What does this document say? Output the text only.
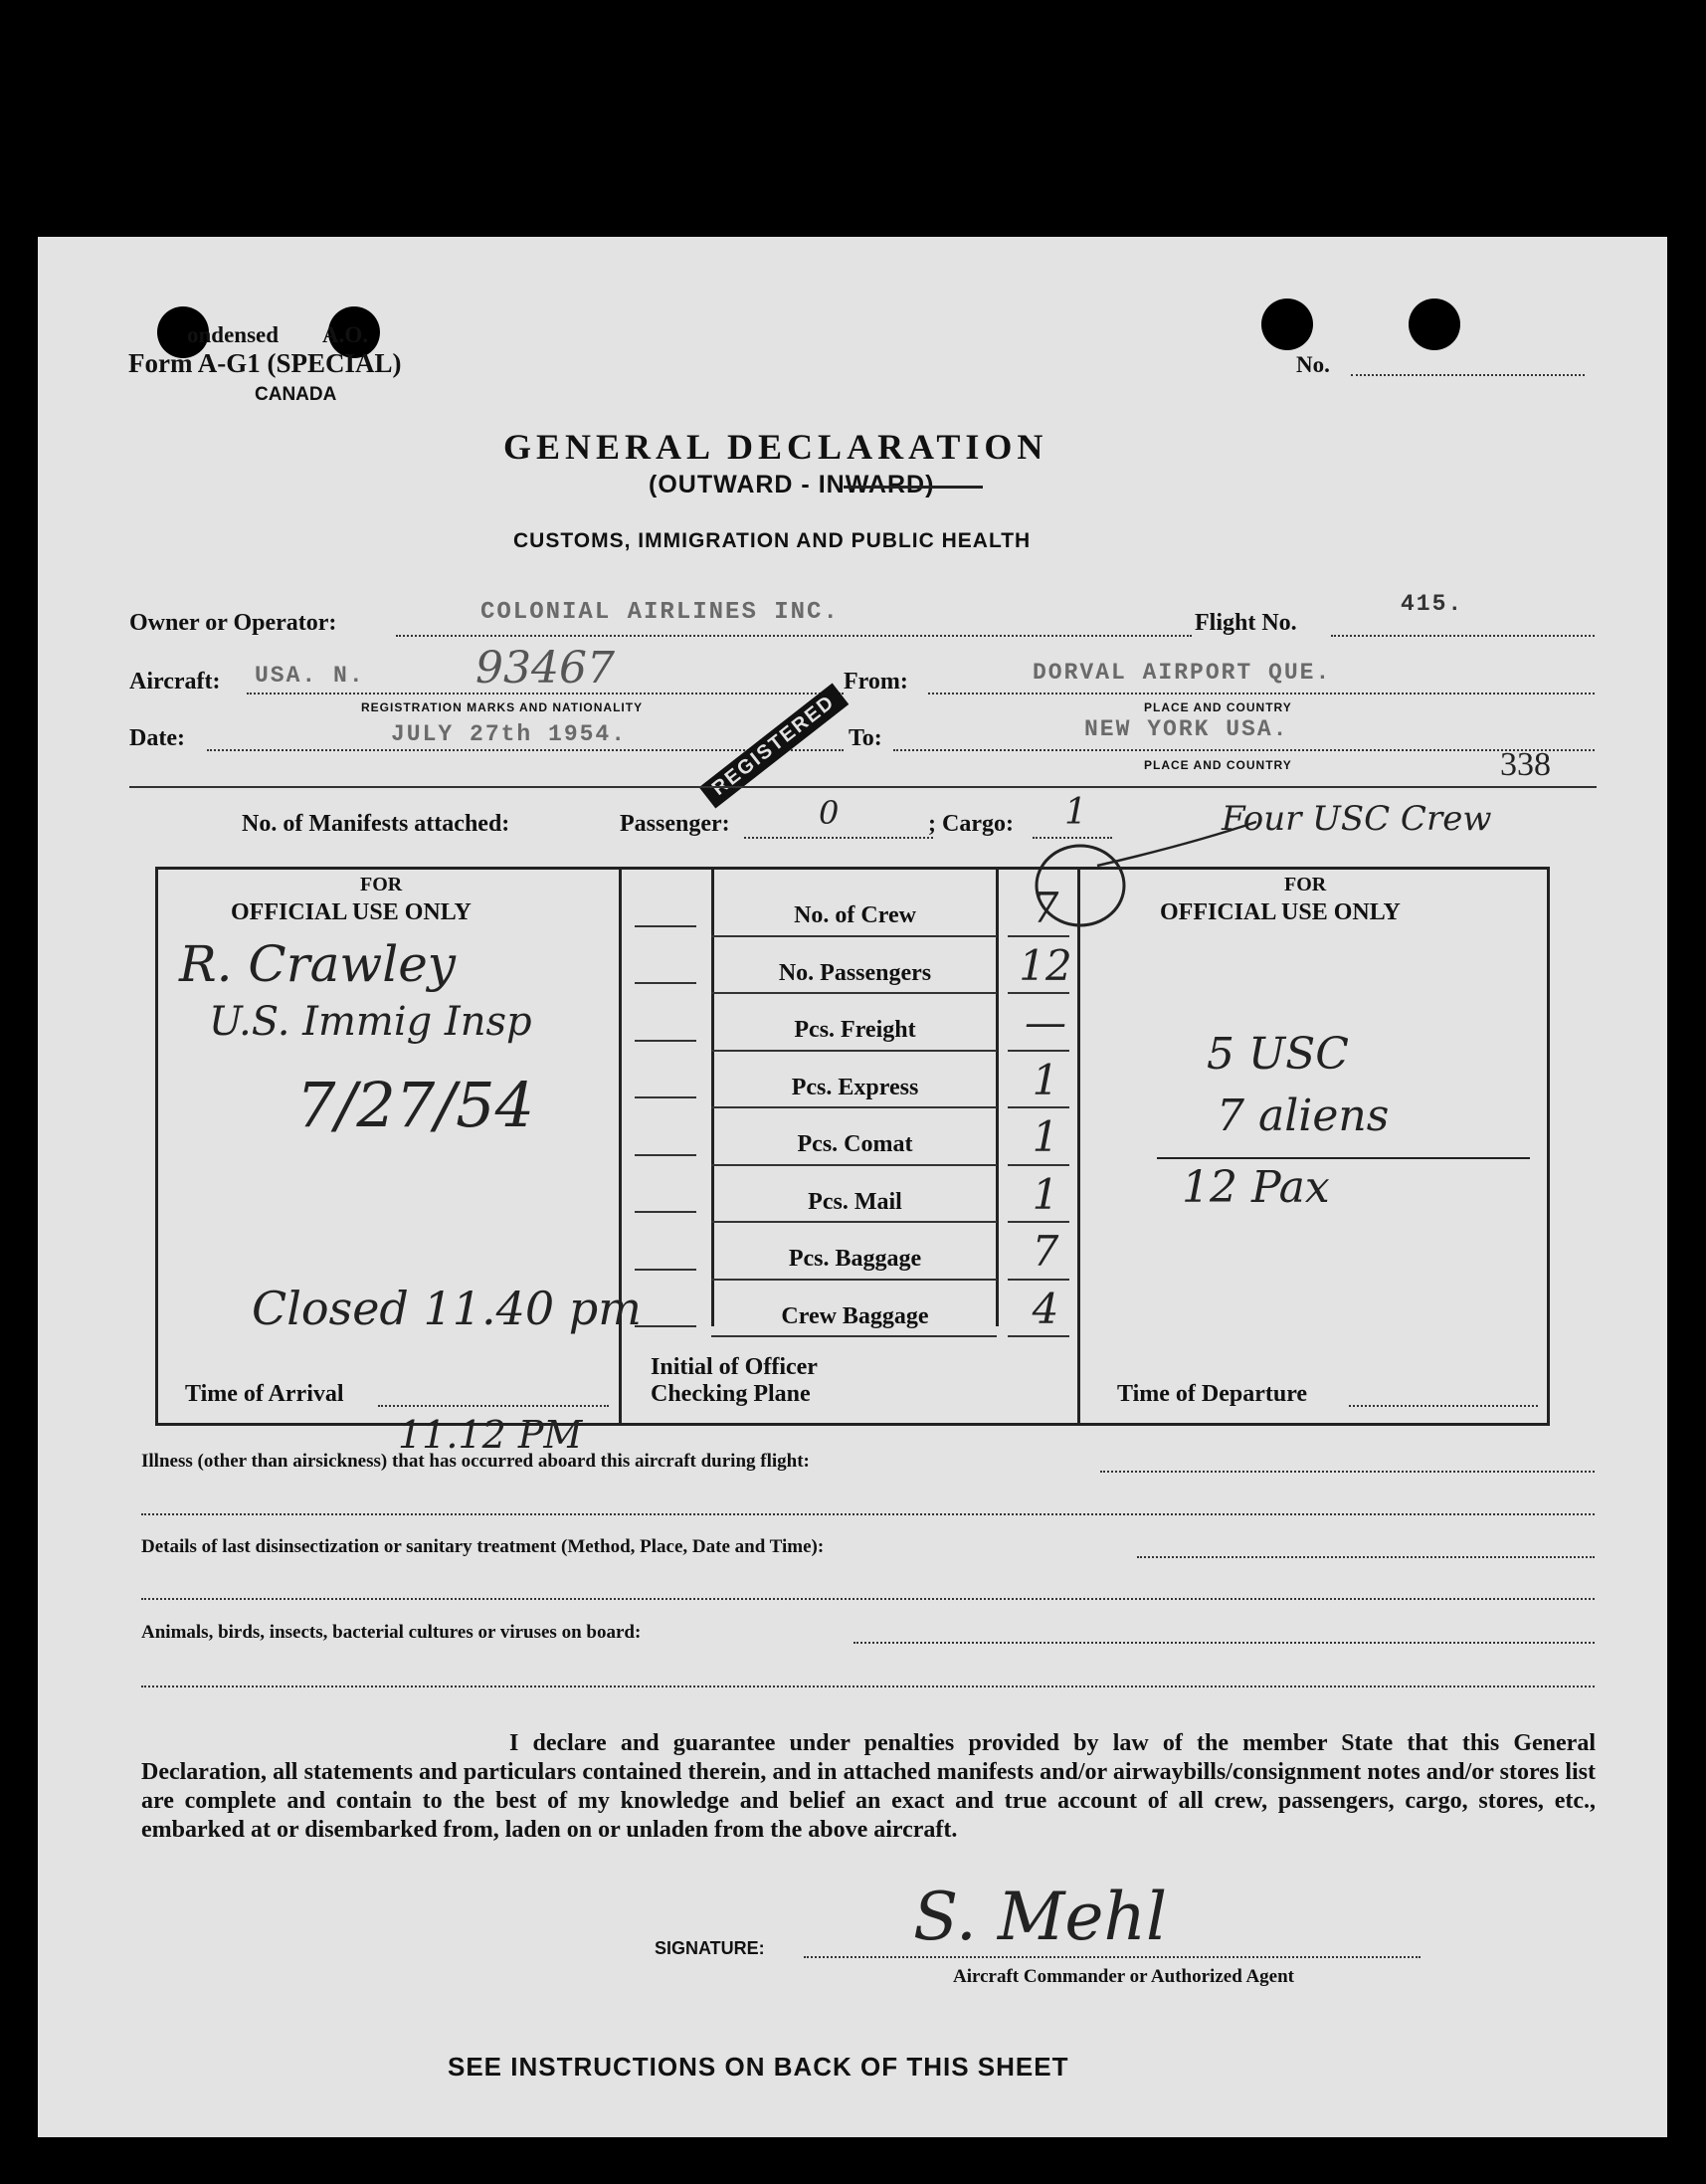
ondensed A.O.
Form A-G1 (SPECIAL)
CANADA
No.
GENERAL DECLARATION
(OUTWARD - INWARD)
CUSTOMS, IMMIGRATION AND PUBLIC HEALTH
Owner or Operator:	COLONIAL AIRLINES INC.	Flight No.
415.
Aircraft: USA. N.	93467
REGISTRATION MARKS AND NATIONALITY
From:	DORVAL AIRPORT QUE.
PLACE AND COUNTRY
Date:	JULY 27th 1954.	To:	NEW YORK USA.
PLACE AND COUNTRY	338
REGISTERED
No. of Manifests attached:	Passenger:	0	; Cargo: 1	Four USC Crew
FOR
OFFICIAL USE ONLY
FOR
OFFICIAL USE ONLY
No. of Crew	7
No. Passengers	12
Pcs. Freight	—
Pcs. Express	1
Pcs. Comat	1
Pcs. Mail	1
Pcs. Baggage	7
Crew Baggage	4
R. Crawley
U.S. Immig Insp
7/27/54
5 USC
7 aliens
12 Pax
Closed 11.40 pm
Time of Arrival
11.12 PM
Initial of Officer
Checking Plane	Time of Departure
Illness (other than airsickness) that has occurred aboard this aircraft during flight:
Details of last disinsectization or sanitary treatment (Method, Place, Date and Time):
Animals, birds, insects, bacterial cultures or viruses on board:
I declare and guarantee under penalties provided by law of the member State that this General Declaration, all statements and particulars contained therein, and in attached manifests and/or airwaybills/consignment notes and/or stores list are complete and contain to the best of my knowledge and belief an exact and true account of all crew, passengers, cargo, stores, etc., embarked at or disembarked from, laden on or unladen from the above aircraft.
SIGNATURE: S. Mehl
Aircraft Commander or Authorized Agent
SEE INSTRUCTIONS ON BACK OF THIS SHEET
